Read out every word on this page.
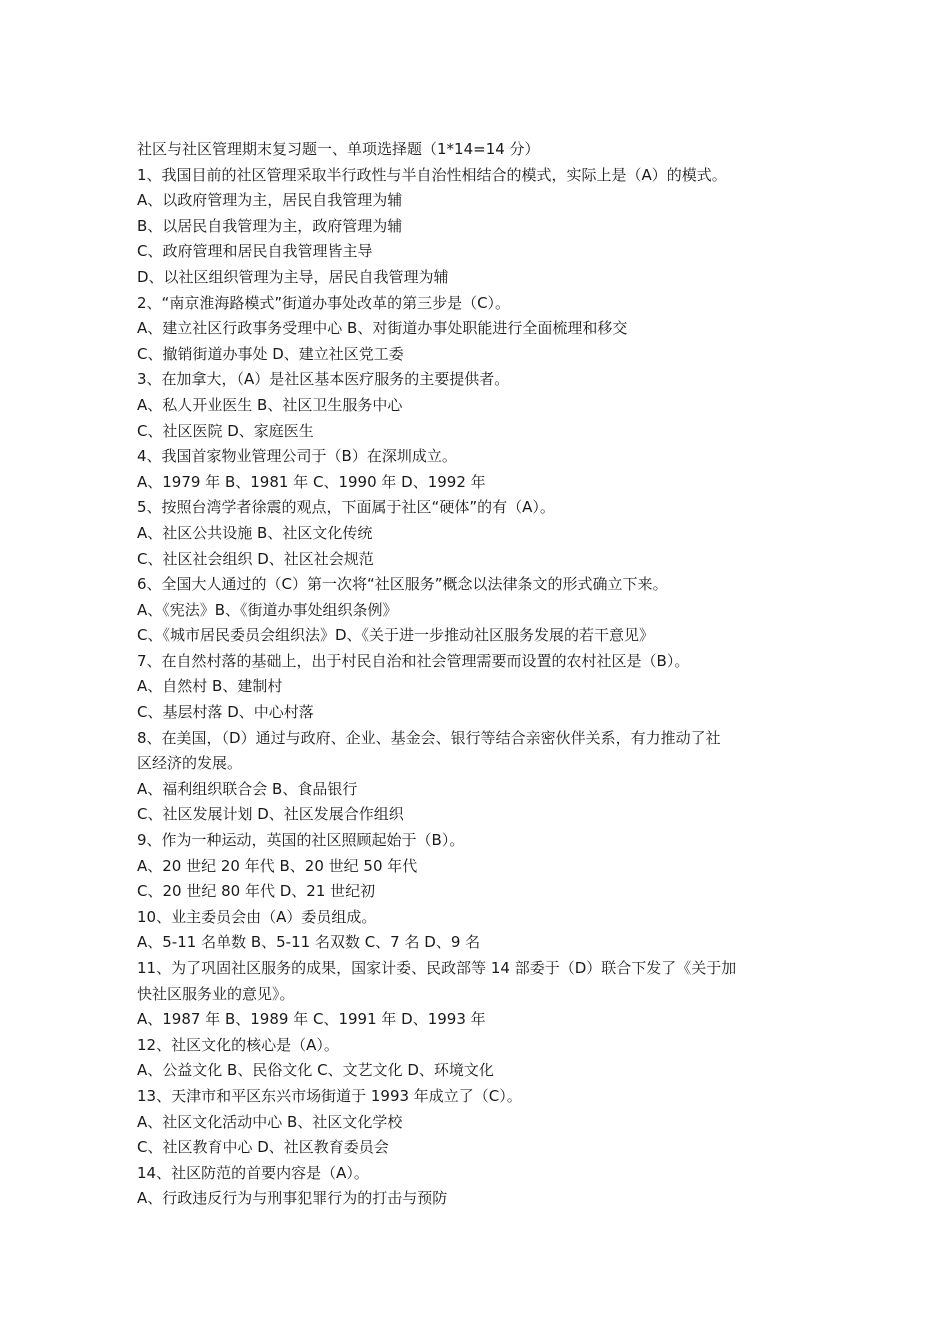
社区与社区管理期末复习题一、单项选择题（1*14=14 分）
1、我国目前的社区管理采取半行政性与半自治性相结合的模式，实际上是（A）的模式。
A、以政府管理为主，居民自我管理为辅
B、以居民自我管理为主，政府管理为辅
C、政府管理和居民自我管理皆主导
D、以社区组织管理为主导，居民自我管理为辅
2、“南京淮海路模式”街道办事处改革的第三步是（C）。
A、建立社区行政事务受理中心 B、对街道办事处职能进行全面梳理和移交
C、撤销街道办事处 D、建立社区党工委
3、在加拿大，（A）是社区基本医疗服务的主要提供者。
A、私人开业医生 B、社区卫生服务中心
C、社区医院 D、家庭医生
4、我国首家物业管理公司于（B）在深圳成立。
A、1979 年 B、1981 年 C、1990 年 D、1992 年
5、按照台湾学者徐震的观点，下面属于社区“硬体”的有（A）。
A、社区公共设施 B、社区文化传统
C、社区社会组织 D、社区社会规范
6、全国大人通过的（C）第一次将“社区服务”概念以法律条文的形式确立下来。
A、《宪法》B、《街道办事处组织条例》
C、《城市居民委员会组织法》D、《关于进一步推动社区服务发展的若干意见》
7、在自然村落的基础上，出于村民自治和社会管理需要而设置的农村社区是（B）。
A、自然村 B、建制村
C、基层村落 D、中心村落
8、在美国，（D）通过与政府、企业、基金会、银行等结合亲密伙伴关系，有力推动了社
区经济的发展。
A、福利组织联合会 B、食品银行
C、社区发展计划 D、社区发展合作组织
9、作为一种运动，英国的社区照顾起始于（B）。
A、20 世纪 20 年代 B、20 世纪 50 年代
C、20 世纪 80 年代 D、21 世纪初
10、业主委员会由（A）委员组成。
A、5-11 名单数 B、5-11 名双数 C、7 名 D、9 名
11、为了巩固社区服务的成果，国家计委、民政部等 14 部委于（D）联合下发了《关于加
快社区服务业的意见》。
A、1987 年 B、1989 年 C、1991 年 D、1993 年
12、社区文化的核心是（A）。
A、公益文化 B、民俗文化 C、文艺文化 D、环境文化
13、天津市和平区东兴市场街道于 1993 年成立了（C）。
A、社区文化活动中心 B、社区文化学校
C、社区教育中心 D、社区教育委员会
14、社区防范的首要内容是（A）。
A、行政违反行为与刑事犯罪行为的打击与预防
